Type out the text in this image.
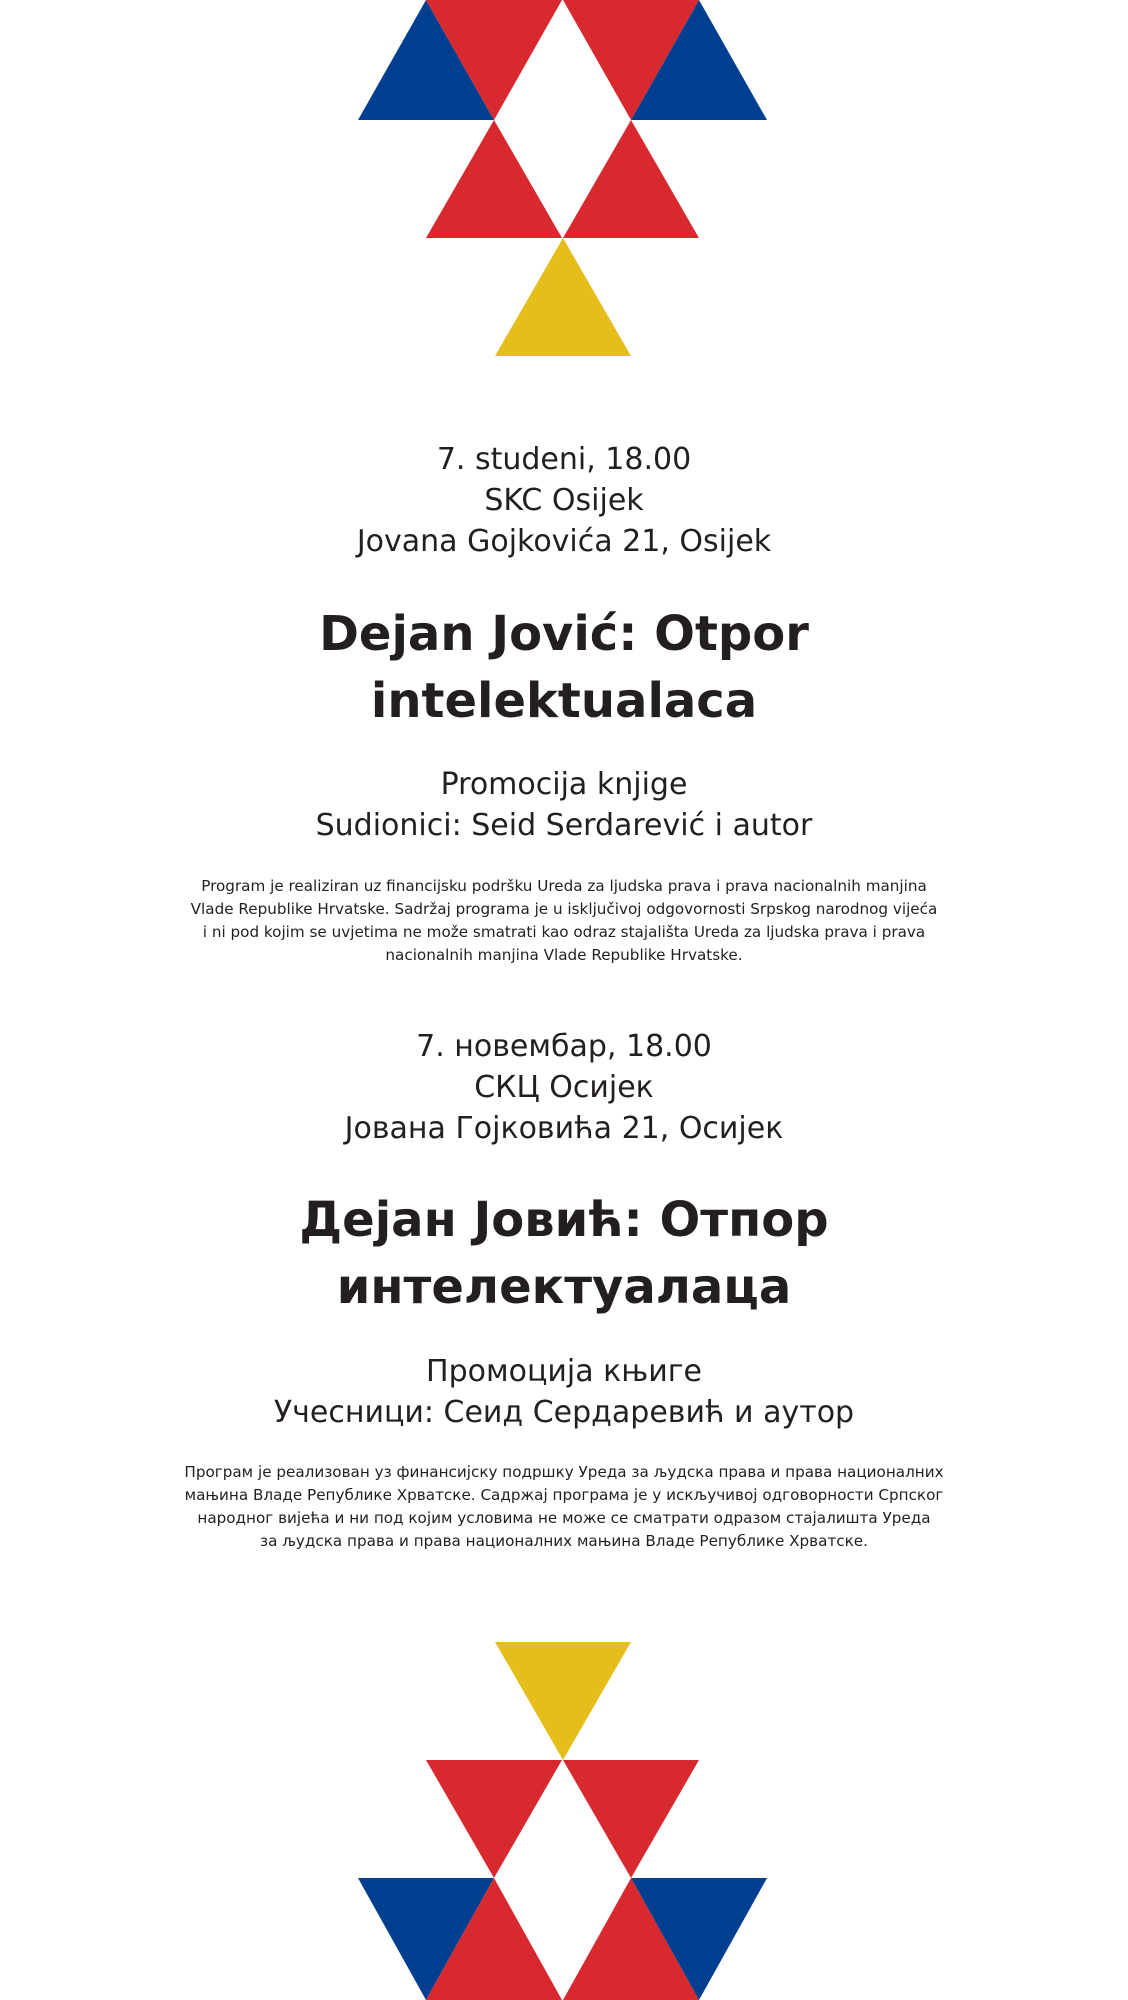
7. studeni, 18.00
SKC Osijek
Jovana Gojkovića 21, Osijek
Dejan Jović: Otpor
intelektualaca
Promocija knjige
Sudionici: Seid Serdarević i autor
Program je realiziran uz financijsku podršku Ureda za ljudska prava i prava nacionalnih manjina
Vlade Republike Hrvatske. Sadržaj programa je u isključivoj odgovornosti Srpskog narodnog vijeća
i ni pod kojim se uvjetima ne može smatrati kao odraz stajališta Ureda za ljudska prava i prava
nacionalnih manjina Vlade Republike Hrvatske.
7. новембар, 18.00
СКЦ Осијек
Јована Гојковића 21, Осијек
Дејан Јовић: Отпор
интелектуалаца
Промоција књиге
Учесници: Сеид Сердаревић и аутор
Програм је реализован уз финансијску подршку Уреда за људска права и права националних
мањина Владе Републике Хрватске. Садржај програма је у искључивој одговорности Српског
народног вијећа и ни под којим условима не може се сматрати одразом стајалишта Уреда
за људска права и права националних мањина Владе Републике Хрватске.
